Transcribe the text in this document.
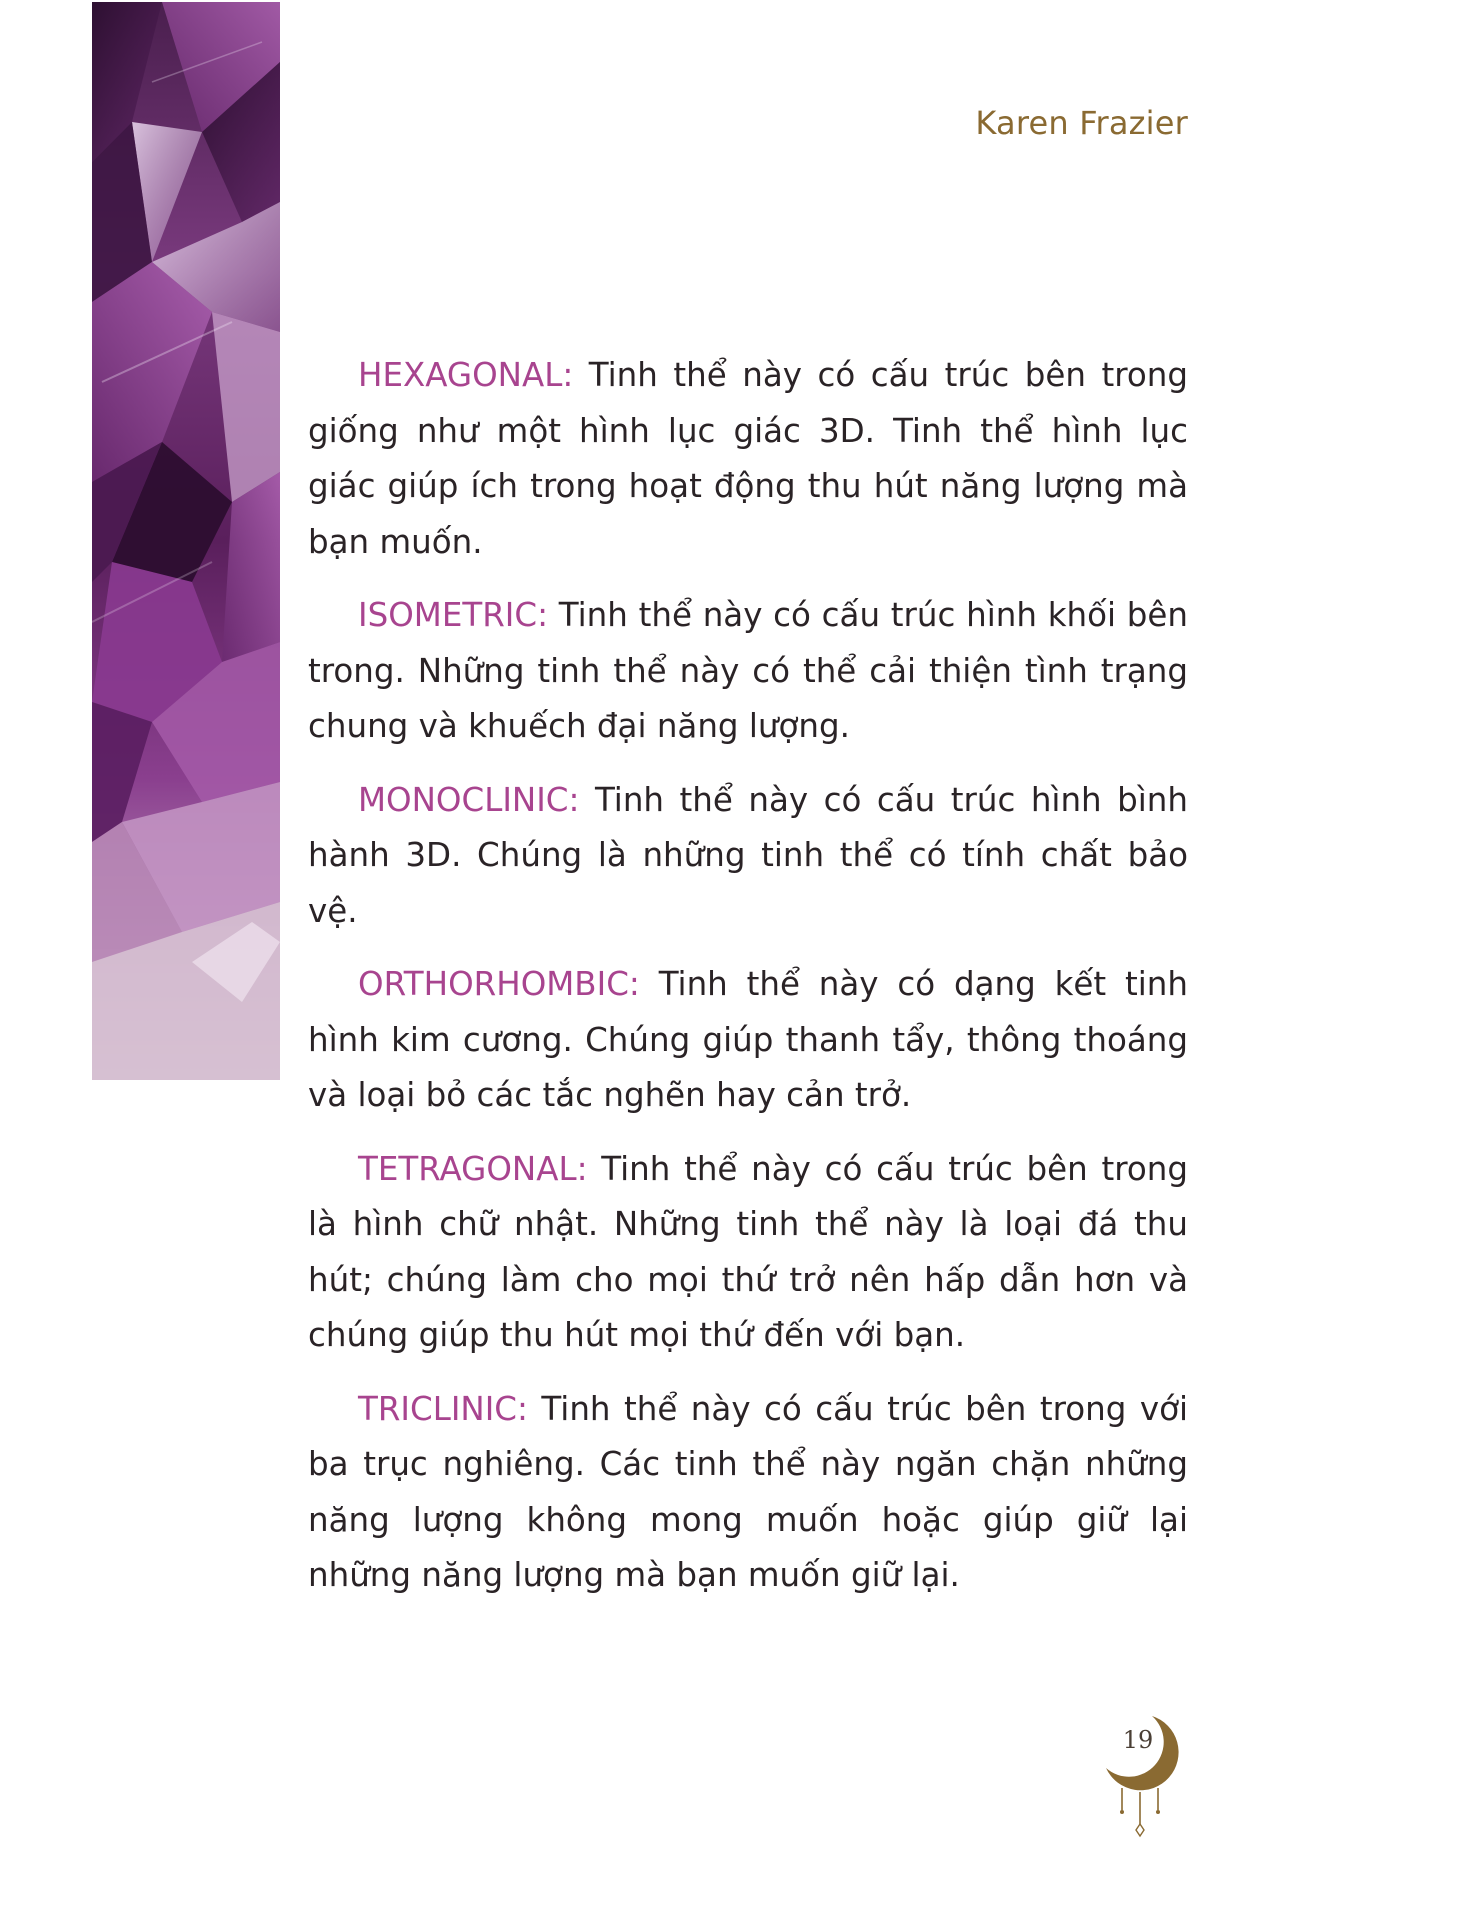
Karen Frazier

HEXAGONAL: Tinh thể này có cấu trúc bên trong giống như một hình lục giác 3D. Tinh thể hình lục giác giúp ích trong hoạt động thu hút năng lượng mà bạn muốn.

ISOMETRIC: Tinh thể này có cấu trúc hình khối bên trong. Những tinh thể này có thể cải thiện tình trạng chung và khuếch đại năng lượng.

MONOCLINIC: Tinh thể này có cấu trúc hình bình hành 3D. Chúng là những tinh thể có tính chất bảo vệ.

ORTHORHOMBIC: Tinh thể này có dạng kết tinh hình kim cương. Chúng giúp thanh tẩy, thông thoáng và loại bỏ các tắc nghẽn hay cản trở.

TETRAGONAL: Tinh thể này có cấu trúc bên trong là hình chữ nhật. Những tinh thể này là loại đá thu hút; chúng làm cho mọi thứ trở nên hấp dẫn hơn và chúng giúp thu hút mọi thứ đến với bạn.

TRICLINIC: Tinh thể này có cấu trúc bên trong với ba trục nghiêng. Các tinh thể này ngăn chặn những năng lượng không mong muốn hoặc giúp giữ lại những năng lượng mà bạn muốn giữ lại.

19
